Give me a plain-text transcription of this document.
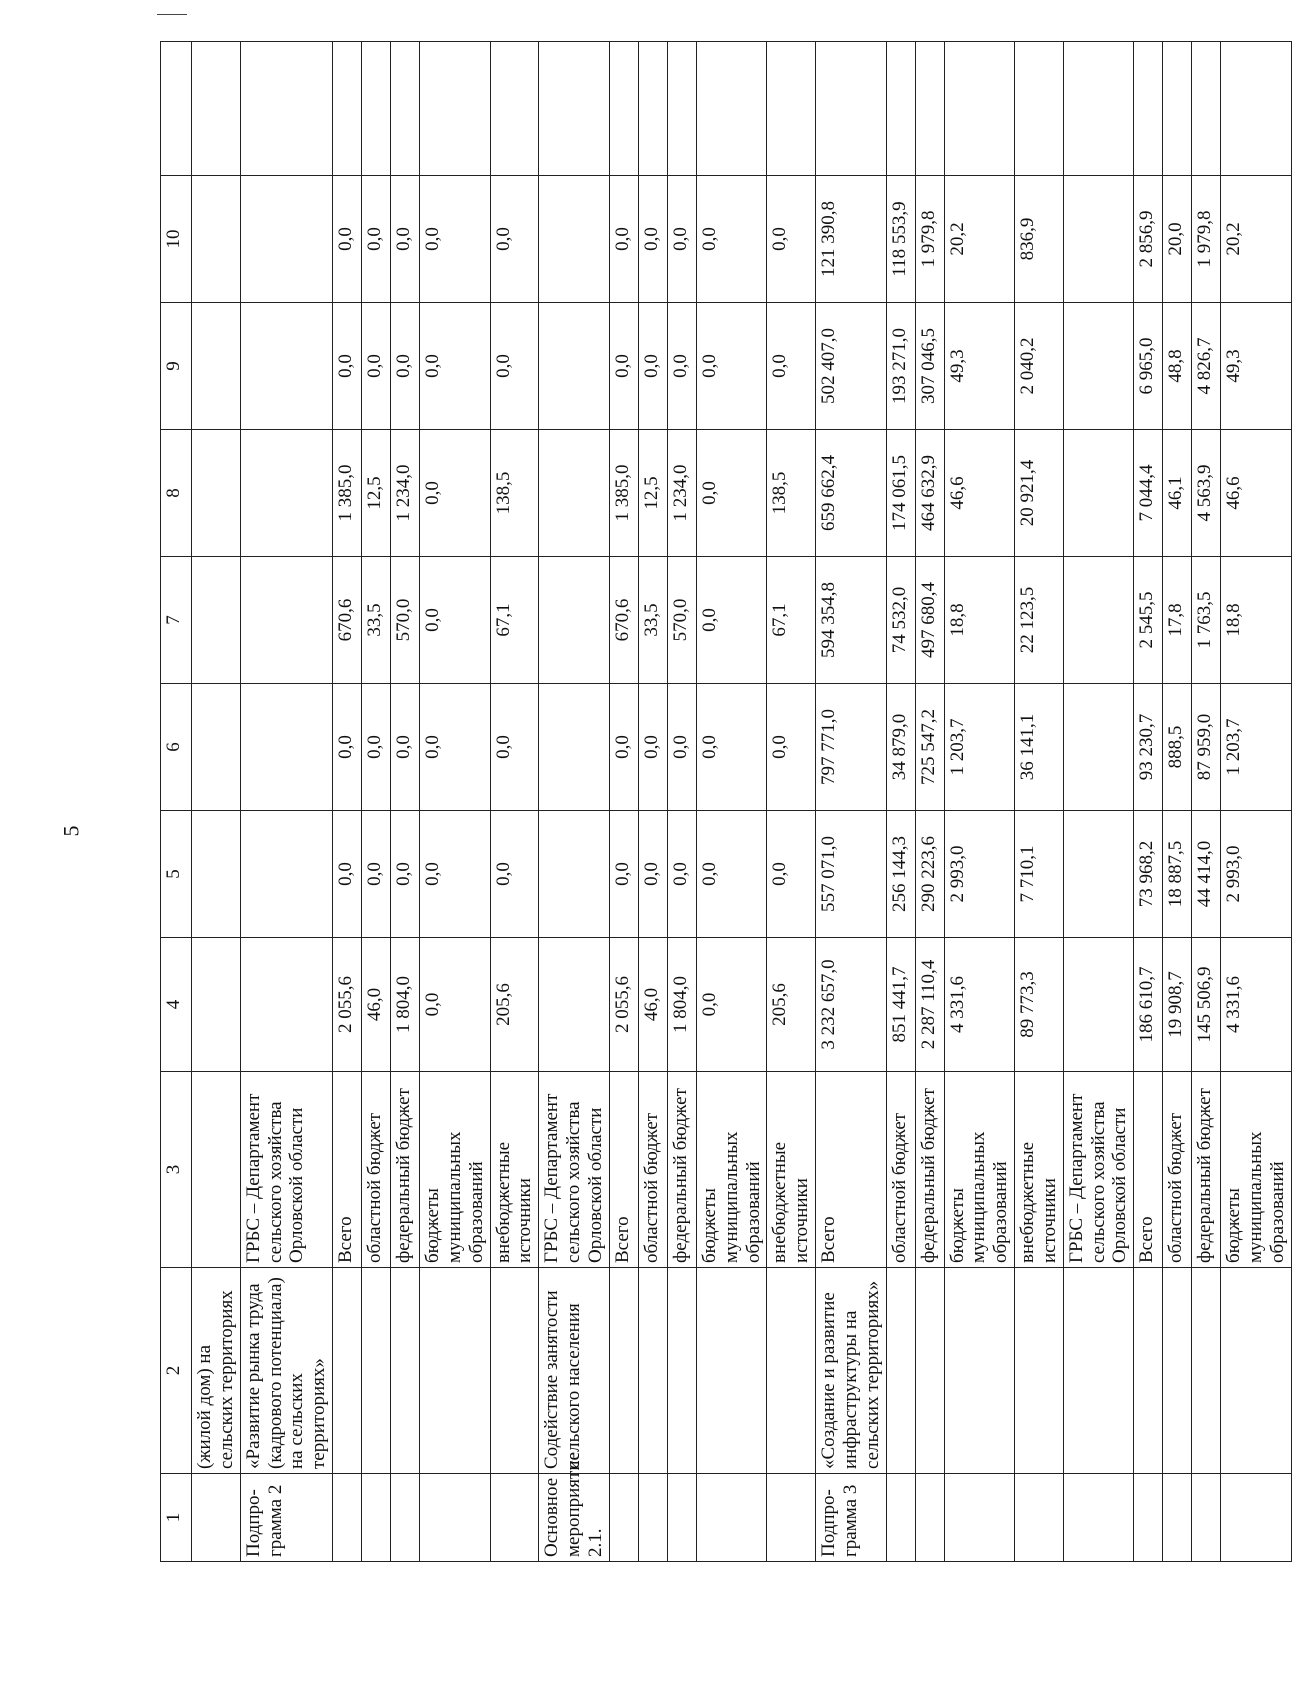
5
1	2	3	4	5	6	7	8	9	10	
	(жилой дом) на сельских территориях									
Подпро-грамма 2	«Развитие рынка труда (кадрового потенциала) на сельских территориях»	ГРБС – Департамент сельского хозяйства Орловской области								
		Всего	2 055,6	0,0	0,0	670,6	1 385,0	0,0	0,0	
		областной бюджет	46,0	0,0	0,0	33,5	12,5	0,0	0,0	
		федеральный бюджет	1 804,0	0,0	0,0	570,0	1 234,0	0,0	0,0	
		бюджеты муниципальных образований	0,0	0,0	0,0	0,0	0,0	0,0	0,0	
		внебюджетные источники	205,6	0,0	0,0	67,1	138,5	0,0	0,0	
Основное мероприятие 2.1.	Содействие занятости сельского населения	ГРБС – Департамент сельского хозяйства Орловской области								
		Всего	2 055,6	0,0	0,0	670,6	1 385,0	0,0	0,0	
		областной бюджет	46,0	0,0	0,0	33,5	12,5	0,0	0,0	
		федеральный бюджет	1 804,0	0,0	0,0	570,0	1 234,0	0,0	0,0	
		бюджеты муниципальных образований	0,0	0,0	0,0	0,0	0,0	0,0	0,0	
		внебюджетные источники	205,6	0,0	0,0	67,1	138,5	0,0	0,0	
Подпро-грамма 3	«Создание и развитие инфраструктуры на сельских территориях»	Всего	3 232 657,0	557 071,0	797 771,0	594 354,8	659 662,4	502 407,0	121 390,8	
		областной бюджет	851 441,7	256 144,3	34 879,0	74 532,0	174 061,5	193 271,0	118 553,9	
		федеральный бюджет	2 287 110,4	290 223,6	725 547,2	497 680,4	464 632,9	307 046,5	1 979,8	
		бюджеты муниципальных образований	4 331,6	2 993,0	1 203,7	18,8	46,6	49,3	20,2	
		внебюджетные источники	89 773,3	7 710,1	36 141,1	22 123,5	20 921,4	2 040,2	836,9	
		ГРБС – Департамент сельского хозяйства Орловской области								
		Всего	186 610,7	73 968,2	93 230,7	2 545,5	7 044,4	6 965,0	2 856,9	
		областной бюджет	19 908,7	18 887,5	888,5	17,8	46,1	48,8	20,0	
		федеральный бюджет	145 506,9	44 414,0	87 959,0	1 763,5	4 563,9	4 826,7	1 979,8	
		бюджеты муниципальных образований	4 331,6	2 993,0	1 203,7	18,8	46,6	49,3	20,2	
